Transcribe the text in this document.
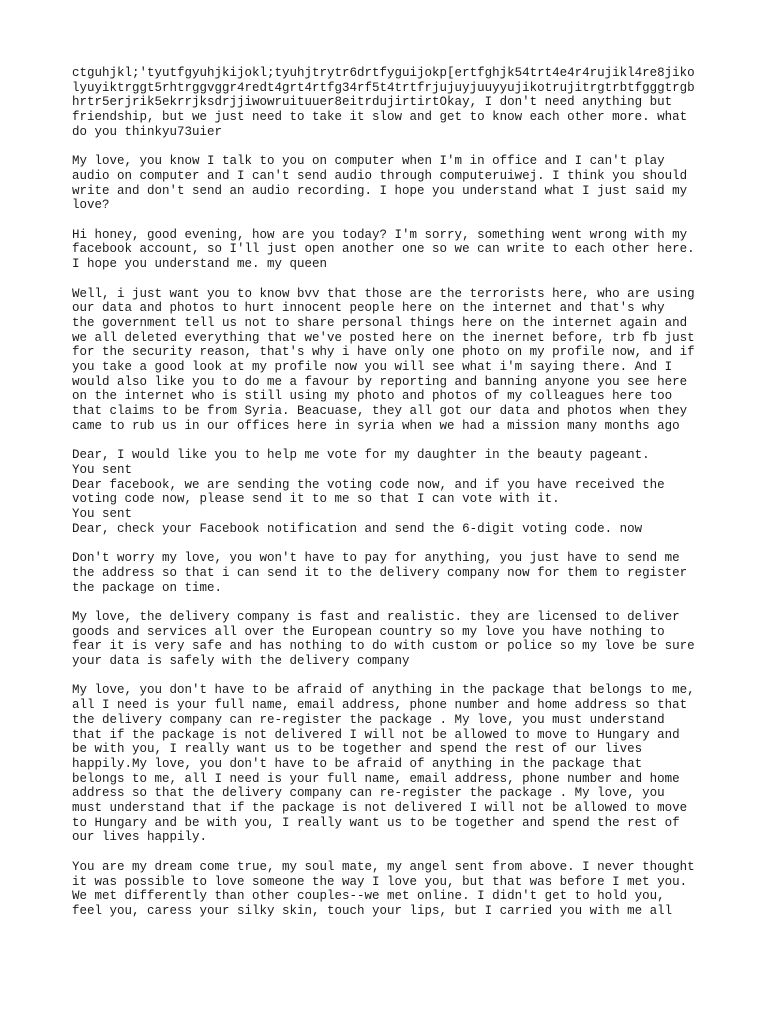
ctguhjkl;'tyutfgyuhjkijokl;tyuhjtrytr6drtfyguijokp[ertfghjk54trt4e4r4rujikl4re8jiko
lyuyiktrggt5rhtrggvggr4redt4grt4rtfg34rf5t4trtfrjujuyjuuyyujikotrujitrgtrbtfgggtrgb
hrtr5erjrik5ekrrjksdrjjiwowruituuer8eitrdujirtirtOkay, I don't need anything but
friendship, but we just need to take it slow and get to know each other more. what
do you thinkyu73uier
My love, you know I talk to you on computer when I'm in office and I can't play
audio on computer and I can't send audio through computeruiwej. I think you should
write and don't send an audio recording. I hope you understand what I just said my
love?
Hi honey, good evening, how are you today? I'm sorry, something went wrong with my
facebook account, so I'll just open another one so we can write to each other here.
I hope you understand me. my queen
Well, i just want you to know bvv that those are the terrorists here, who are using
our data and photos to hurt innocent people here on the internet and that's why
the government tell us not to share personal things here on the internet again and
we all deleted everything that we've posted here on the inernet before, trb fb just
for the security reason, that's why i have only one photo on my profile now, and if
you take a good look at my profile now you will see what i'm saying there. And I
would also like you to do me a favour by reporting and banning anyone you see here
on the internet who is still using my photo and photos of my colleagues here too
that claims to be from Syria. Beacuase, they all got our data and photos when they
came to rub us in our offices here in syria when we had a mission many months ago
Dear, I would like you to help me vote for my daughter in the beauty pageant.
You sent
Dear facebook, we are sending the voting code now, and if you have received the
voting code now, please send it to me so that I can vote with it.
You sent
Dear, check your Facebook notification and send the 6-digit voting code. now
Don't worry my love, you won't have to pay for anything, you just have to send me
the address so that i can send it to the delivery company now for them to register
the package on time.
My love, the delivery company is fast and realistic. they are licensed to deliver
goods and services all over the European country so my love you have nothing to
fear it is very safe and has nothing to do with custom or police so my love be sure
your data is safely with the delivery company
My love, you don't have to be afraid of anything in the package that belongs to me,
all I need is your full name, email address, phone number and home address so that
the delivery company can re-register the package . My love, you must understand
that if the package is not delivered I will not be allowed to move to Hungary and
be with you, I really want us to be together and spend the rest of our lives
happily.My love, you don't have to be afraid of anything in the package that
belongs to me, all I need is your full name, email address, phone number and home
address so that the delivery company can re-register the package . My love, you
must understand that if the package is not delivered I will not be allowed to move
to Hungary and be with you, I really want us to be together and spend the rest of
our lives happily.
You are my dream come true, my soul mate, my angel sent from above. I never thought
it was possible to love someone the way I love you, but that was before I met you.
We met differently than other couples--we met online. I didn't get to hold you,
feel you, caress your silky skin, touch your lips, but I carried you with me all
